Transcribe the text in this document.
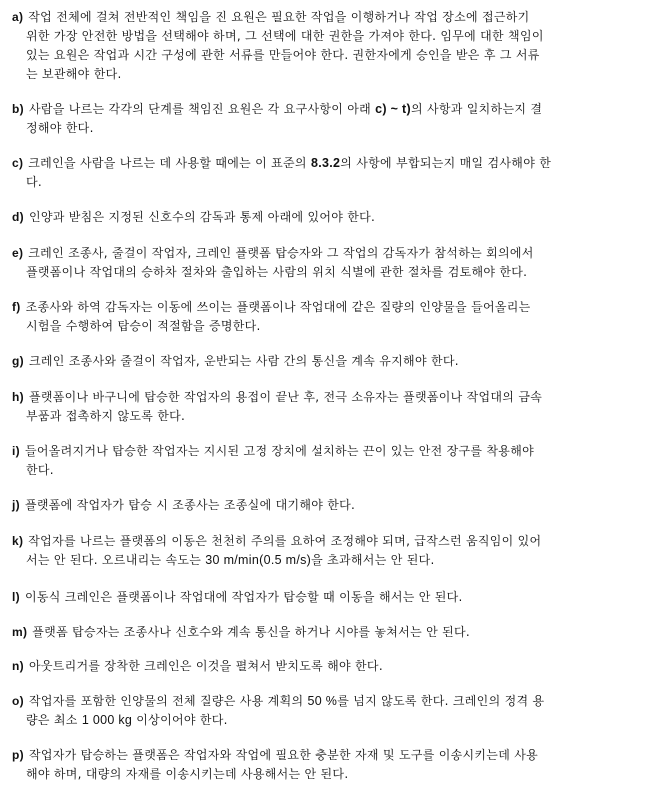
a) 작업 전체에 걸쳐 전반적인 책임을 진 요원은 필요한 작업을 이행하거나 작업 장소에 접근하기
위한 가장 안전한 방법을 선택해야 하며, 그 선택에 대한 권한을 가져야 한다. 임무에 대한 책임이
있는 요원은 작업과 시간 구성에 관한 서류를 만들어야 한다. 권한자에게 승인을 받은 후 그 서류
는 보관해야 한다.
b) 사람을 나르는 각각의 단계를 책임진 요원은 각 요구사항이 아래 c) ~ t)의 사항과 일치하는지 결
정해야 한다.
c) 크레인을 사람을 나르는 데 사용할 때에는 이 표준의 8.3.2의 사항에 부합되는지 매일 검사해야 한
다.
d) 인양과 받침은 지정된 신호수의 감독과 통제 아래에 있어야 한다.
e) 크레인 조종사, 줄걸이 작업자, 크레인 플랫폼 탑승자와 그 작업의 감독자가 참석하는 회의에서
플랫폼이나 작업대의 승하차 절차와 출입하는 사람의 위치 식별에 관한 절차를 검토해야 한다.
f) 조종사와 하역 감독자는 이동에 쓰이는 플랫폼이나 작업대에 같은 질량의 인양물을 들어올리는
시험을 수행하여 탑승이 적절함을 증명한다.
g) 크레인 조종사와 줄걸이 작업자, 운반되는 사람 간의 통신을 계속 유지해야 한다.
h) 플랫폼이나 바구니에 탑승한 작업자의 용접이 끝난 후, 전극 소유자는 플랫폼이나 작업대의 금속
부품과 접촉하지 않도록 한다.
i) 들어올려지거나 탑승한 작업자는 지시된 고정 장치에 설치하는 끈이 있는 안전 장구를 착용해야
한다.
j) 플랫폼에 작업자가 탑승 시 조종사는 조종실에 대기해야 한다.
k) 작업자를 나르는 플랫폼의 이동은 천천히 주의를 요하여 조정해야 되며, 급작스런 움직임이 있어
서는 안 된다. 오르내리는 속도는 30 m/min(0.5 m/s)을 초과해서는 안 된다.
l) 이동식 크레인은 플랫폼이나 작업대에 작업자가 탑승할 때 이동을 해서는 안 된다.
m) 플랫폼 탑승자는 조종사나 신호수와 계속 통신을 하거나 시야를 놓쳐서는 안 된다.
n) 아웃트리거를 장착한 크레인은 이것을 펼쳐서 받치도록 해야 한다.
o) 작업자를 포함한 인양물의 전체 질량은 사용 계획의 50 %를 넘지 않도록 한다. 크레인의 정격 용
량은 최소 1 000 kg 이상이어야 한다.
p) 작업자가 탑승하는 플랫폼은 작업자와 작업에 필요한 충분한 자재 및 도구를 이송시키는데 사용
해야 하며, 대량의 자재를 이송시키는데 사용해서는 안 된다.
